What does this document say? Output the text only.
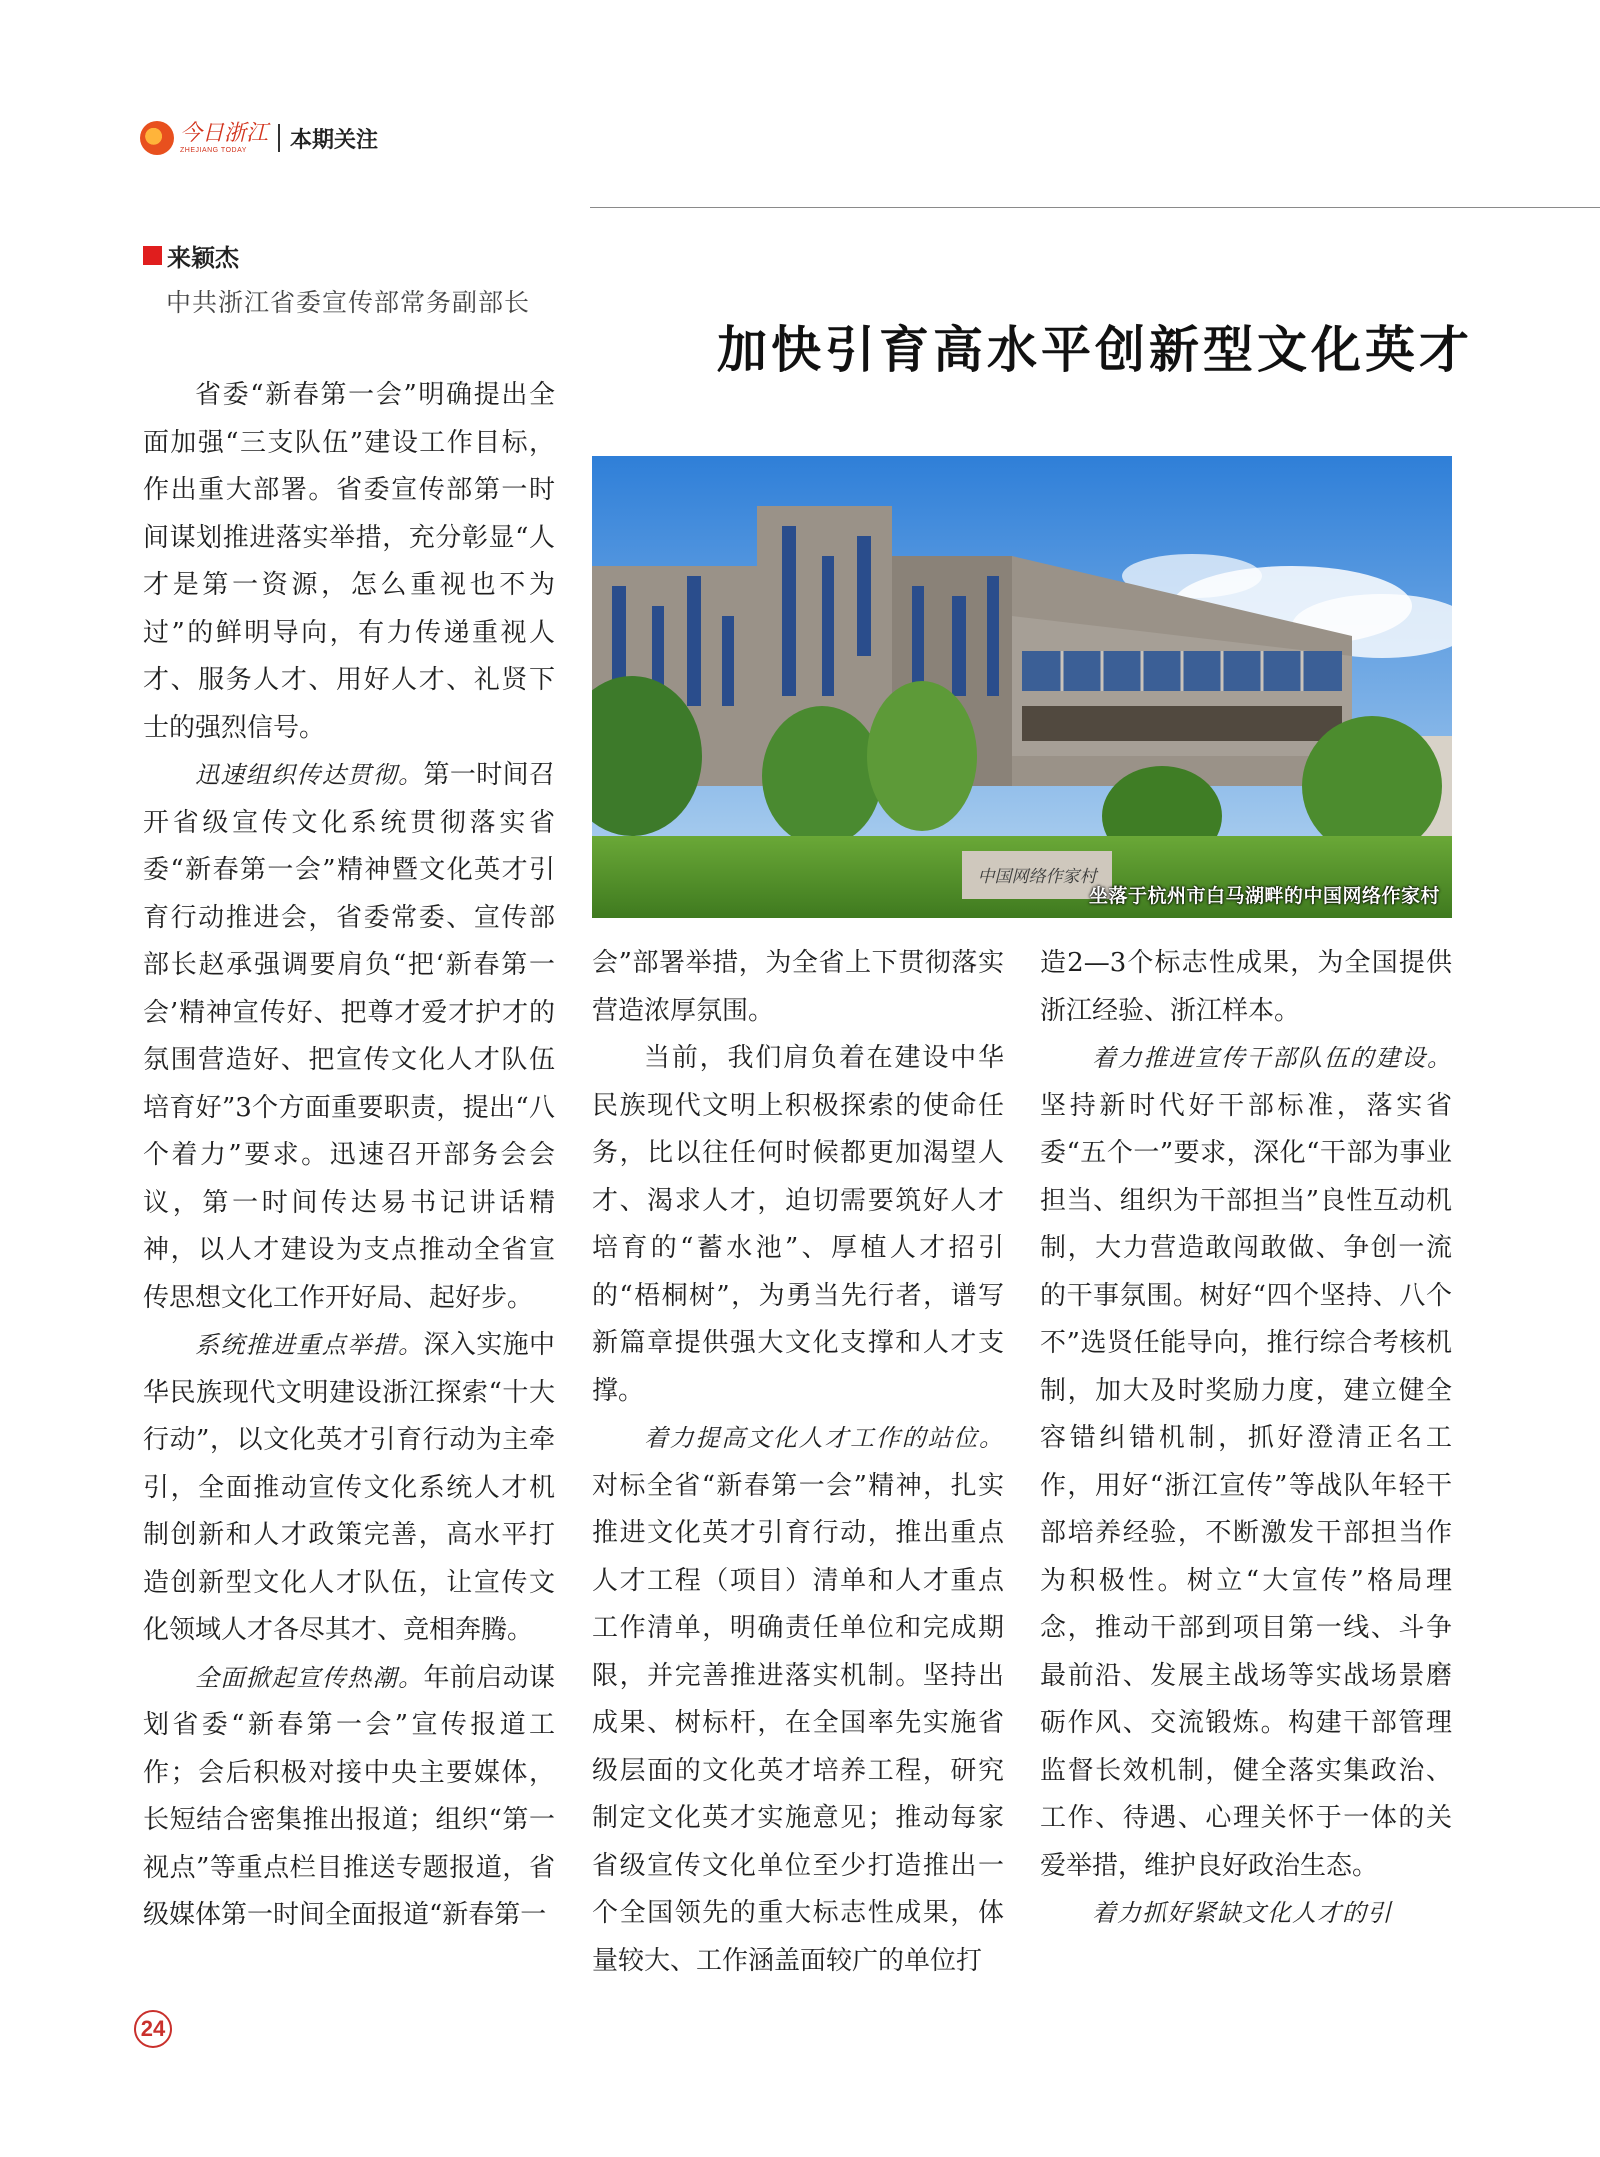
今日浙江
ZHEJIANG TODAY	本期关注
来颖杰
中共浙江省委宣传部常务副部长
加快引育高水平创新型文化英才
中国网络作家村
坐落于杭州市白马湖畔的中国网络作家村

省委“新春第一会”明确提出全面加强“三支队伍”建设工作目标，作出重大部署。省委宣传部第一时间谋划推进落实举措，充分彰显“人才是第一资源，怎么重视也不为过”的鲜明导向，有力传递重视人才、服务人才、用好人才、礼贤下士的强烈信号。

迅速组织传达贯彻。第一时间召开省级宣传文化系统贯彻落实省委“新春第一会”精神暨文化英才引育行动推进会，省委常委、宣传部部长赵承强调要肩负“把‘新春第一会’精神宣传好、把尊才爱才护才的氛围营造好、把宣传文化人才队伍培育好”3个方面重要职责，提出“八个着力”要求。迅速召开部务会会议，第一时间传达易书记讲话精神，以人才建设为支点推动全省宣传思想文化工作开好局、起好步。

系统推进重点举措。深入实施中华民族现代文明建设浙江探索“十大行动”，以文化英才引育行动为主牵引，全面推动宣传文化系统人才机制创新和人才政策完善，高水平打造创新型文化人才队伍，让宣传文化领域人才各尽其才、竞相奔腾。

全面掀起宣传热潮。年前启动谋划省委“新春第一会”宣传报道工作；会后积极对接中央主要媒体，长短结合密集推出报道；组织“第一视点”等重点栏目推送专题报道，省级媒体第一时间全面报道“新春第一

会”部署举措，为全省上下贯彻落实营造浓厚氛围。

当前，我们肩负着在建设中华民族现代文明上积极探索的使命任务，比以往任何时候都更加渴望人才、渴求人才，迫切需要筑好人才培育的“蓄水池”、厚植人才招引的“梧桐树”，为勇当先行者，谱写新篇章提供强大文化支撑和人才支撑。

着力提高文化人才工作的站位。对标全省“新春第一会”精神，扎实推进文化英才引育行动，推出重点人才工程（项目）清单和人才重点工作清单，明确责任单位和完成期限，并完善推进落实机制。坚持出成果、树标杆，在全国率先实施省级层面的文化英才培养工程，研究制定文化英才实施意见；推动每家省级宣传文化单位至少打造推出一个全国领先的重大标志性成果，体量较大、工作涵盖面较广的单位打

造2—3个标志性成果，为全国提供浙江经验、浙江样本。

着力推进宣传干部队伍的建设。坚持新时代好干部标准，落实省委“五个一”要求，深化“干部为事业担当、组织为干部担当”良性互动机制，大力营造敢闯敢做、争创一流的干事氛围。树好“四个坚持、八个不”选贤任能导向，推行综合考核机制，加大及时奖励力度，建立健全容错纠错机制，抓好澄清正名工作，用好“浙江宣传”等战队年轻干部培养经验，不断激发干部担当作为积极性。树立“大宣传”格局理念，推动干部到项目第一线、斗争最前沿、发展主战场等实战场景磨砺作风、交流锻炼。构建干部管理监督长效机制，健全落实集政治、工作、待遇、心理关怀于一体的关爱举措，维护良好政治生态。

着力抓好紧缺文化人才的引

24
